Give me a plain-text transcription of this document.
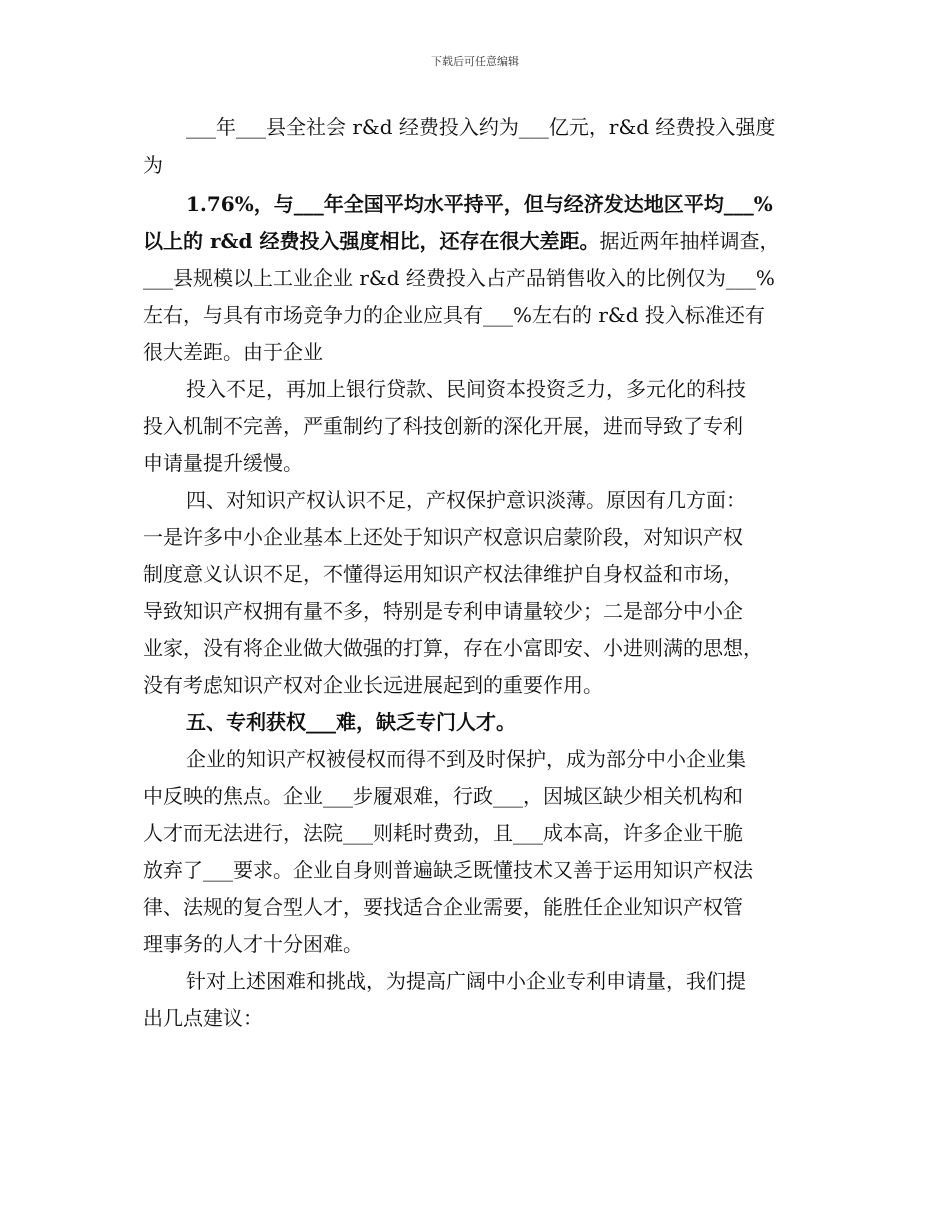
下载后可任意编辑
___年___县全社会 r&d 经费投入约为___亿元，r&d 经费投入强度
为
1.76%，与___年全国平均水平持平，但与经济发达地区平均___%
以上的 r&d 经费投入强度相比，还存在很大差距。据近两年抽样调查，
___县规模以上工业企业 r&d 经费投入占产品销售收入的比例仅为___%
左右，与具有市场竞争力的企业应具有___%左右的 r&d 投入标准还有
很大差距。由于企业
投入不足，再加上银行贷款、民间资本投资乏力，多元化的科技
投入机制不完善，严重制约了科技创新的深化开展，进而导致了专利
申请量提升缓慢。
四、对知识产权认识不足，产权保护意识淡薄。原因有几方面：
一是许多中小企业基本上还处于知识产权意识启蒙阶段，对知识产权
制度意义认识不足，不懂得运用知识产权法律维护自身权益和市场，
导致知识产权拥有量不多，特别是专利申请量较少；二是部分中小企
业家，没有将企业做大做强的打算，存在小富即安、小进则满的思想，
没有考虑知识产权对企业长远进展起到的重要作用。
五、专利获权___难，缺乏专门人才。
企业的知识产权被侵权而得不到及时保护，成为部分中小企业集
中反映的焦点。企业___步履艰难，行政___，因城区缺少相关机构和
人才而无法进行，法院___则耗时费劲，且___成本高，许多企业干脆
放弃了___要求。企业自身则普遍缺乏既懂技术又善于运用知识产权法
律、法规的复合型人才，要找适合企业需要，能胜任企业知识产权管
理事务的人才十分困难。
针对上述困难和挑战，为提高广阔中小企业专利申请量，我们提
出几点建议：
